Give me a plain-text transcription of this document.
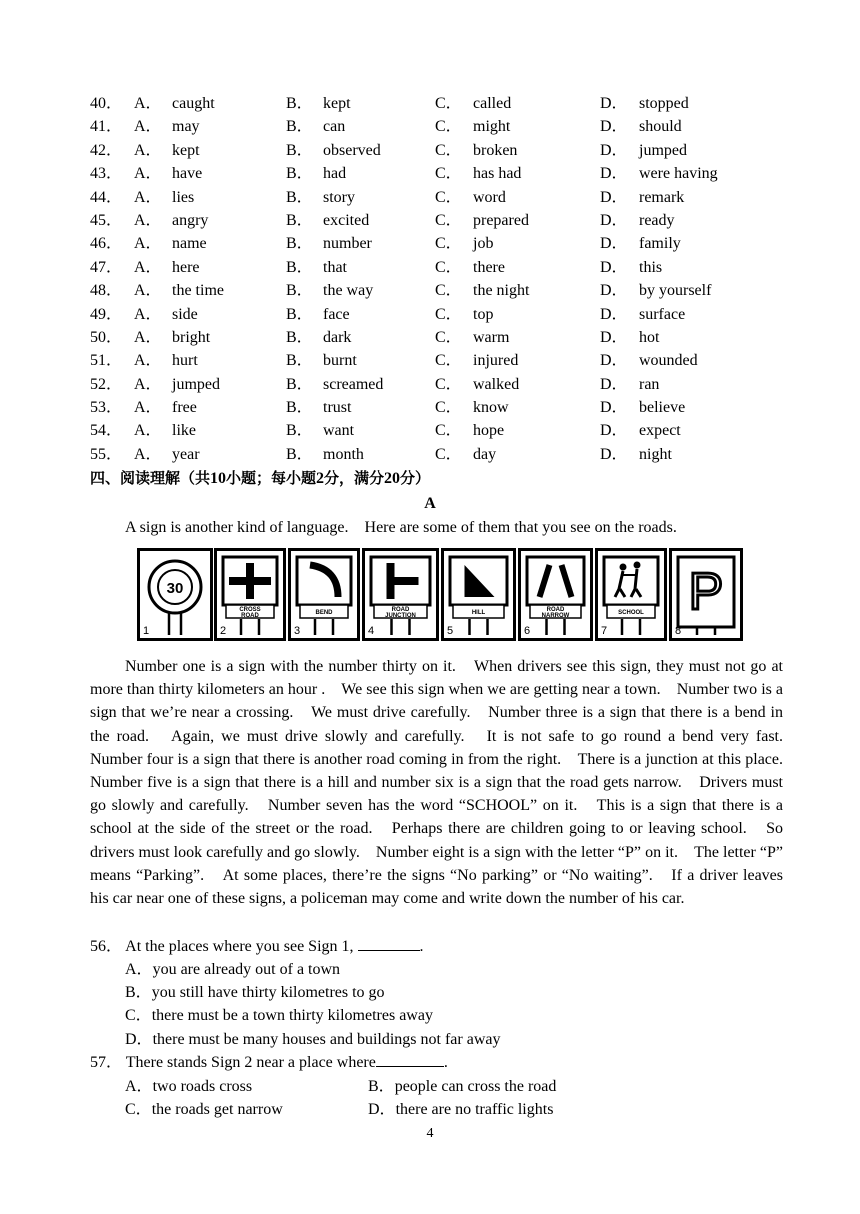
40． A． caught	B． kept	C． called	D． stopped
41． A． may	B． can	C． might	D． should
42． A． kept	B． observed	C． broken	D． jumped
43． A． have	B． had	C． has had	D． were having
44． A． lies	B． story	C． word	D． remark
45． A． angry	B． excited	C． prepared	D． ready
46． A． name	B． number	C． job	D． family
47． A． here	B． that	C． there	D． this
48． A． the time	B． the way	C． the night	D． by yourself
49． A． side	B． face	C． top	D． surface
50． A． bright	B． dark	C． warm	D． hot
51． A． hurt	B． burnt	C． injured	D． wounded
52． A． jumped	B． screamed	C． walked	D． ran
53． A． free	B． trust	C． know	D． believe
54． A． like	B． want	C． hope	D． expect
55． A． year	B． month	C． day	D． night
四、阅读理解（共10小题；每小题2分，满分20分）
A
A sign is another kind of language.　Here are some of them that you see on the roads.
30
1
CROSS
ROAD
2
BEND
3
ROAD
JUNCTION
4
HILL
5
ROAD
NARROW
6
SCHOOL
7
P
8

Number one is a sign with the number thirty on it.　When drivers see this sign, they must not go at more than thirty kilometers an hour .　We see this sign when we are getting near a town.　Number two is a sign that we’re near a crossing.　We must drive carefully.　Number three is a sign that there is a bend in the road.　Again, we must drive slowly and carefully.　It is not safe to go round a bend very fast.　Number four is a sign that there is another road coming in from the right.　There is a junction at this place.　Number five is a sign that there is a hill and number six is a sign that the road gets narrow.　Drivers must go slowly and carefully.　Number seven has the word “SCHOOL” on it.　This is a sign that there is a school at the side of the street or the road.　Perhaps there are children going to or leaving school.　So drivers must look carefully and go slowly.　Number eight is a sign with the letter “P” on it.　The letter “P” means “Parking”.　At some places, there’re the signs “No parking” or “No waiting”.　If a driver leaves his car near one of these signs, a policeman may come and write down the number of his car.

56． At the places where you see Sign 1,	.
A．you are already out of a town
B．you still have thirty kilometres to go
C．there must be a town thirty kilometres away
D．there must be many houses and buildings not far away
57． There stands Sign 2 near a place where	.
A．two roads cross	B．people can cross the road
C．the roads get narrow	D．there are no traffic lights
4
